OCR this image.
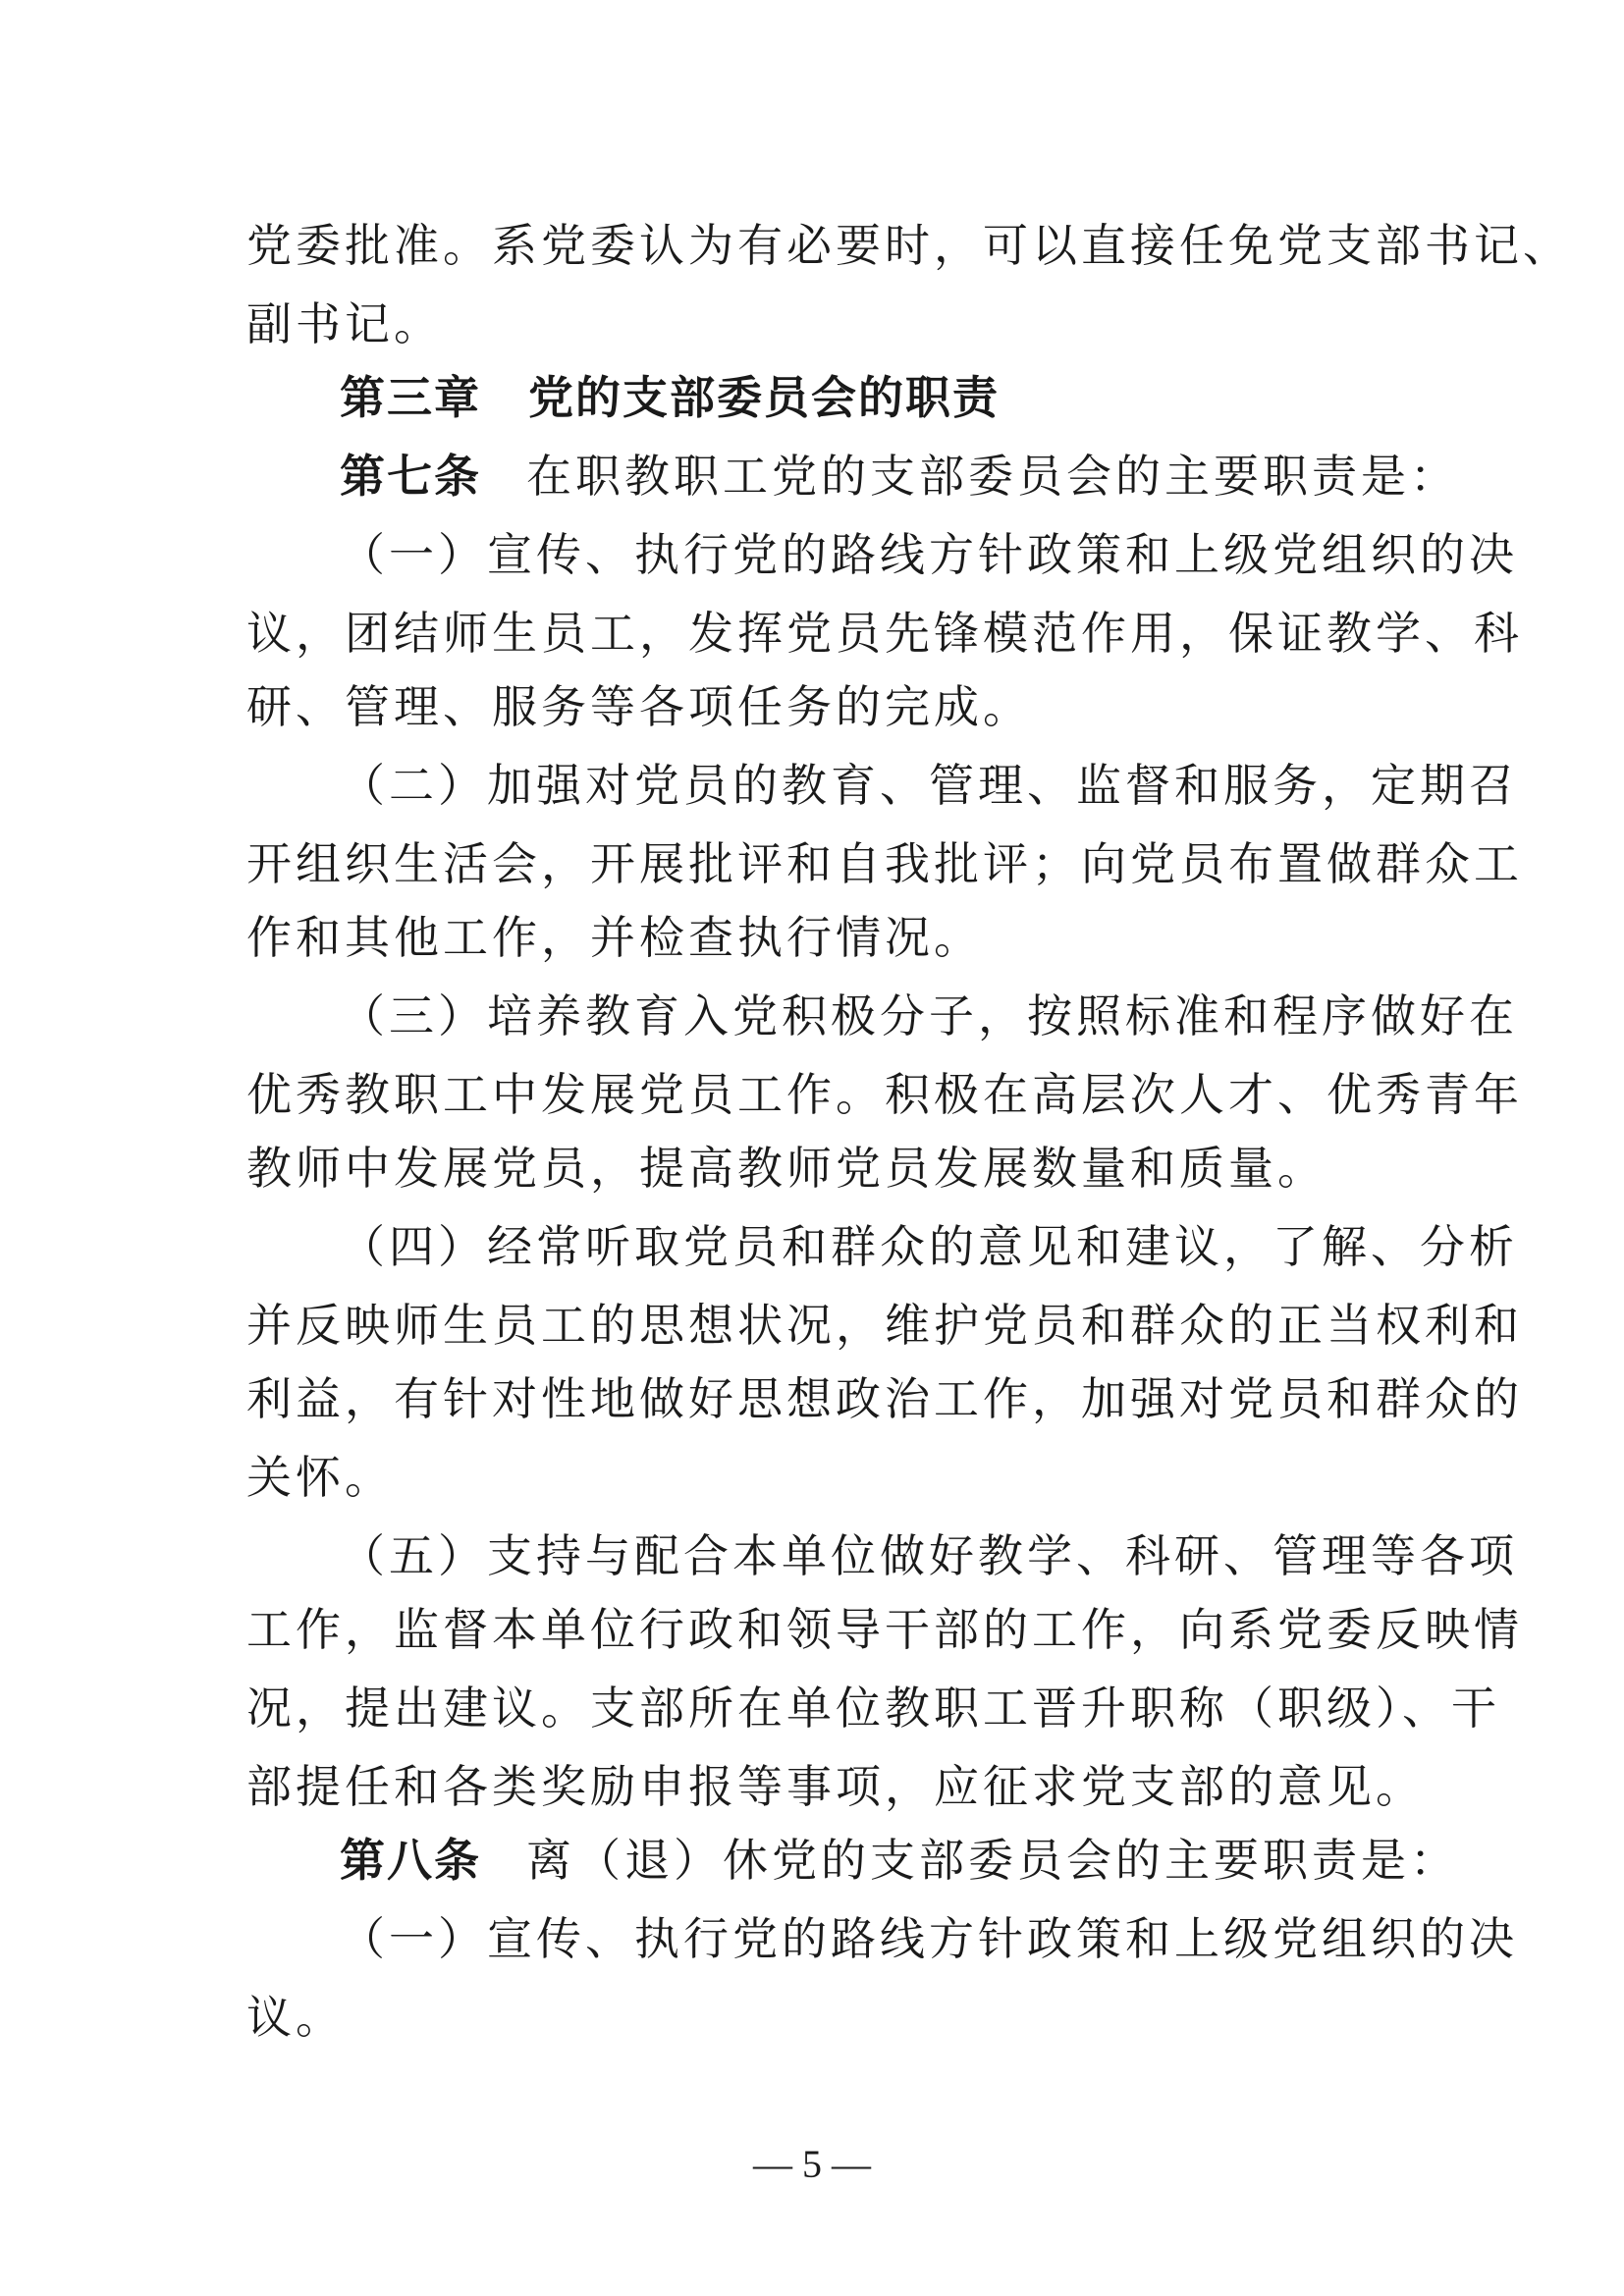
党委批准。系党委认为有必要时，可以直接任免党支部书记、
副书记。
第三章　党的支部委员会的职责
第七条 在职教职工党的支部委员会的主要职责是：
（一）宣传、执行党的路线方针政策和上级党组织的决
议，团结师生员工，发挥党员先锋模范作用，保证教学、科
研、管理、服务等各项任务的完成。
（二）加强对党员的教育、管理、监督和服务，定期召
开组织生活会，开展批评和自我批评；向党员布置做群众工
作和其他工作，并检查执行情况。
（三）培养教育入党积极分子，按照标准和程序做好在
优秀教职工中发展党员工作。积极在高层次人才、优秀青年
教师中发展党员，提高教师党员发展数量和质量。
（四）经常听取党员和群众的意见和建议，了解、分析
并反映师生员工的思想状况，维护党员和群众的正当权利和
利益，有针对性地做好思想政治工作，加强对党员和群众的
关怀。
（五）支持与配合本单位做好教学、科研、管理等各项
工作，监督本单位行政和领导干部的工作，向系党委反映情
况，提出建议。支部所在单位教职工晋升职称（职级）、干
部提任和各类奖励申报等事项，应征求党支部的意见。
第八条 离（退）休党的支部委员会的主要职责是：
（一）宣传、执行党的路线方针政策和上级党组织的决
议。
— 5 —
